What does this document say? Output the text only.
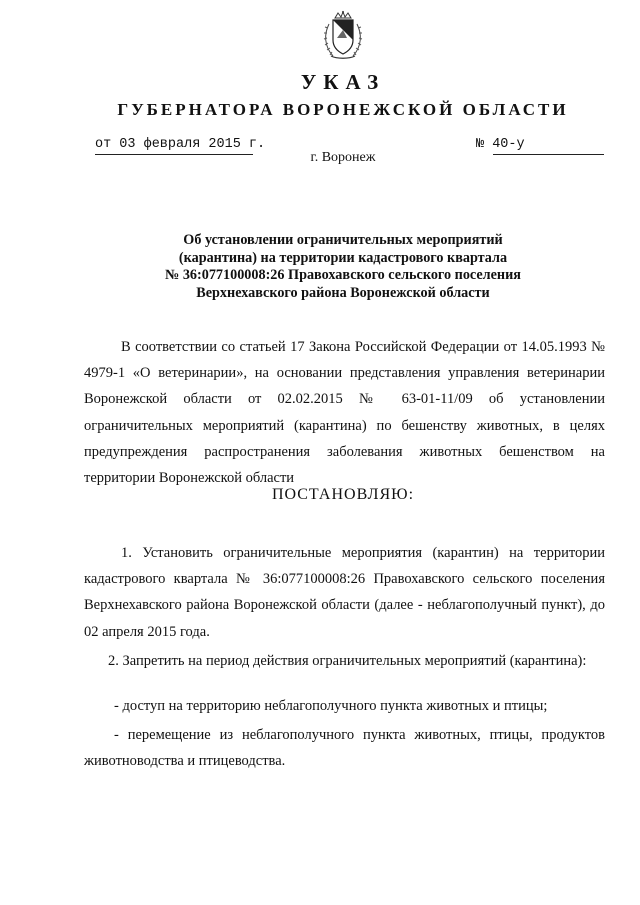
УКАЗ
ГУБЕРНАТОРА ВОРОНЕЖСКОЙ ОБЛАСТИ
от 03 февраля 2015 г.	№ 40-у
г. Воронеж
Об установлении ограничительных мероприятий
(карантина) на территории кадастрового квартала
№ 36:077100008:26 Правохавского сельского поселения
Верхнехавского района Воронежской области
В соответствии со статьей 17 Закона Российской Федерации от 14.05.1993 № 4979-1 «О ветеринарии», на основании представления управления ветеринарии Воронежской области от 02.02.2015 № 63-01-11/09 об установлении ограничительных мероприятий (карантина) по бешенству животных, в целях предупреждения распространения заболевания животных бешенством на территории Воронежской области
ПОСТАНОВЛЯЮ:
1. Установить ограничительные мероприятия (карантин) на территории кадастрового квартала № 36:077100008:26 Правохавского сельского поселения Верхнехавского района Воронежской области (далее - неблагополучный пункт), до 02 апреля 2015 года.
2. Запретить на период действия ограничительных мероприятий (карантина):
- доступ на территорию неблагополучного пункта животных и птицы;
- перемещение из неблагополучного пункта животных, птицы, продуктов животноводства и птицеводства.
